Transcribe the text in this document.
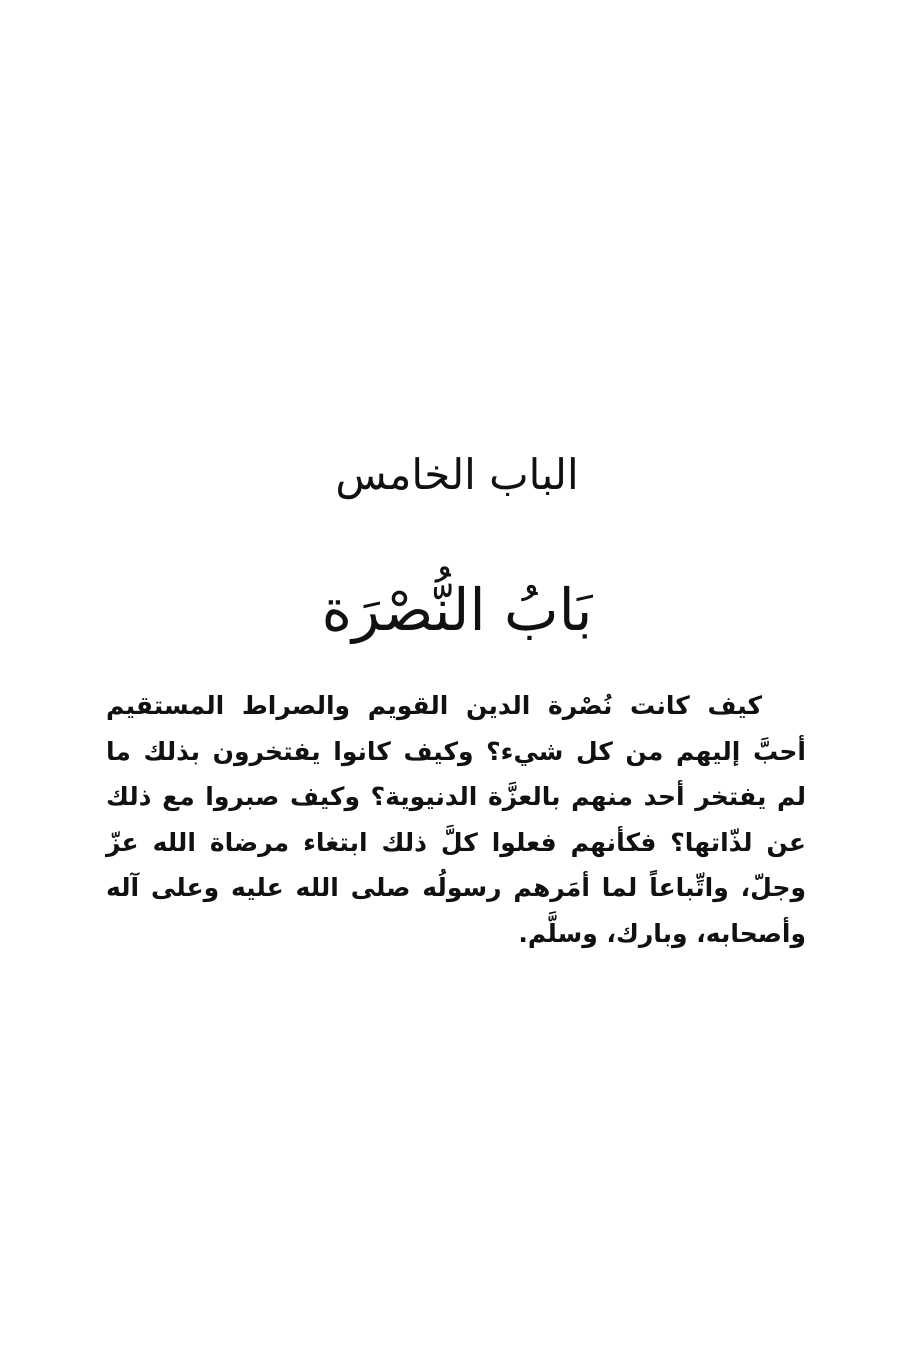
الباب الخامس
بَابُ النُّصْرَة

كيف كانت نُصْرة الدين القويم والصراط المستقيم أحبَّ إليهم من كل شيء؟ وكيف كانوا يفتخرون بذلك ما لم يفتخر أحد منهم بالعزَّة الدنيوية؟ وكيف صبروا مع ذلك عن لذّاتها؟ فكأنهم فعلوا كلَّ ذلك ابتغاء مرضاة الله عزّ وجلّ، واتِّباعاً لما أمَرهم رسولُه صلى الله عليه وعلى آله وأصحابه، وبارك، وسلَّم.
